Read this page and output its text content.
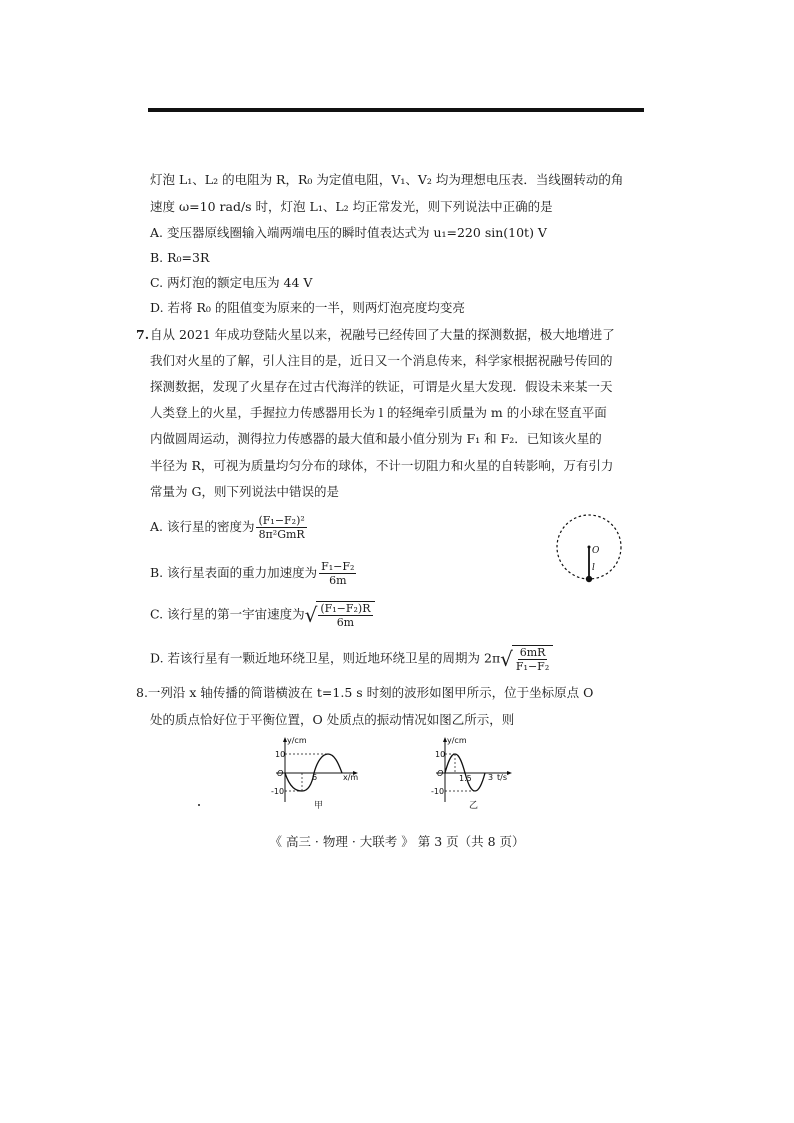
灯泡 L₁、L₂ 的电阻为 R，R₀ 为定值电阻，V₁、V₂ 均为理想电压表．当线圈转动的角
速度 ω=10 rad/s 时，灯泡 L₁、L₂ 均正常发光，则下列说法中正确的是
A. 变压器原线圈输入端两端电压的瞬时值表达式为 u₁=220 sin(10t) V
B. R₀=3R
C. 两灯泡的额定电压为 44 V
D. 若将 R₀ 的阻值变为原来的一半，则两灯泡亮度均变亮
7. 自从 2021 年成功登陆火星以来，祝融号已经传回了大量的探测数据，极大地增进了
我们对火星的了解，引人注目的是，近日又一个消息传来，科学家根据祝融号传回的
探测数据，发现了火星存在过古代海洋的铁证，可谓是火星大发现．假设未来某一天
人类登上的火星，手握拉力传感器用长为 l 的轻绳牵引质量为 m 的小球在竖直平面
内做圆周运动，测得拉力传感器的最大值和最小值分别为 F₁ 和 F₂．已知该火星的
半径为 R，可视为质量均匀分布的球体，不计一切阻力和火星的自转影响，万有引力
常量为 G，则下列说法中错误的是
A. 该行星的密度为 $\frac{\text{(F₁−F₂)²}}{\text{8π²GmR}}$
B. 该行星表面的重力加速度为 $\frac{\text{F₁−F₂}}{6m}$
C. 该行星的第一宇宙速度为 √ $\frac{\text{(F₁−F₂)R}}{6m}$
D. 若该行星有一颗近地环绕卫星，则近地环绕卫星的周期为 2π √ $\frac{6mR}{\text{F₁−F₂}}$
O
l
8.一列沿 x 轴传播的简谐横波在 t=1.5 s 时刻的波形如图甲所示，位于坐标原点 O
处的质点恰好位于平衡位置，O 处质点的振动情况如图乙所示，则
y/cm
10
-10
O	6	x/m
甲
y/cm
10
-10
O
1.5 3 t/s
乙
《 高三 · 物理 · 大联考 》 第 3 页（共 8 页）
